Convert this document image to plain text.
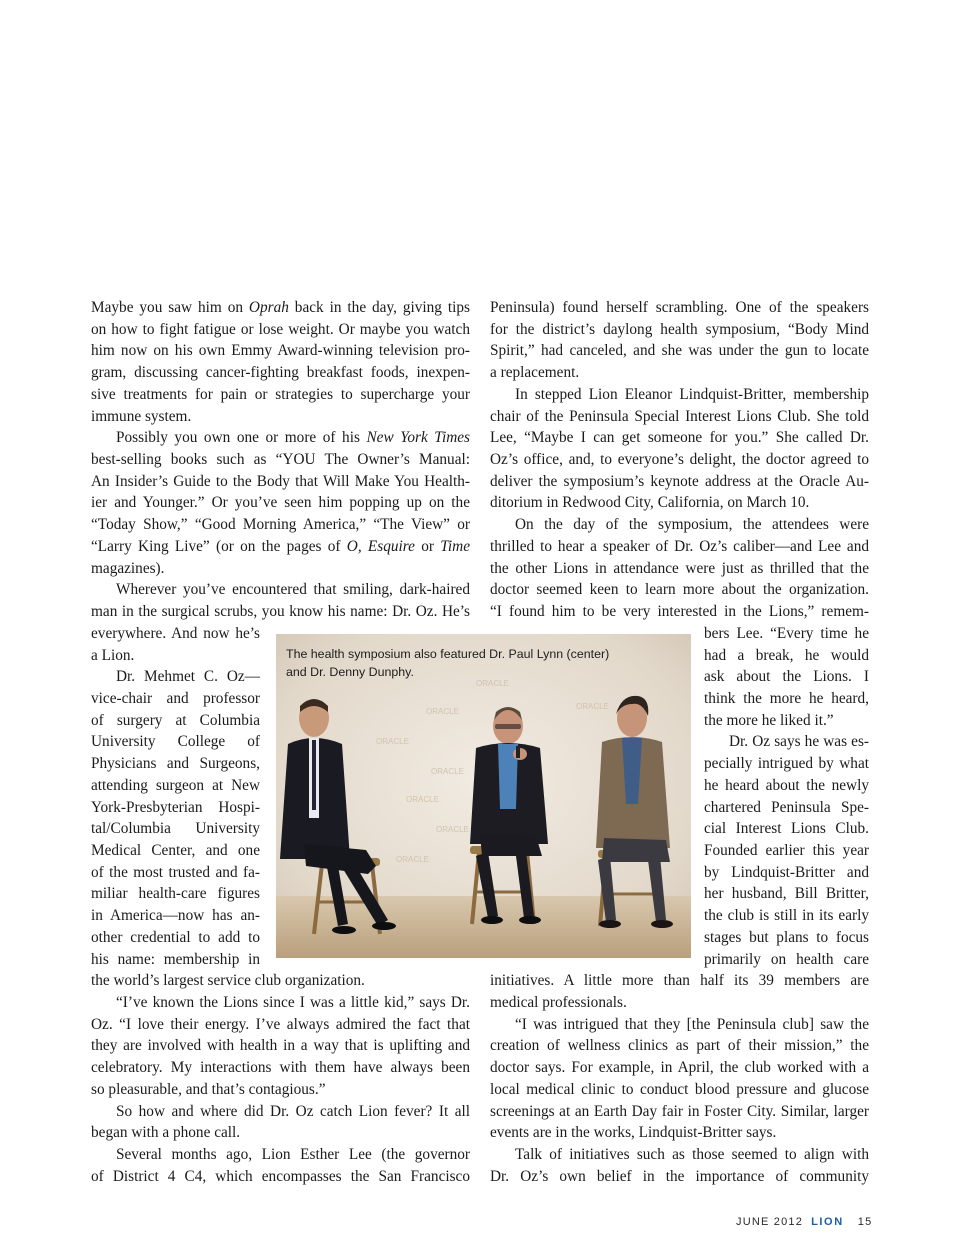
Maybe you saw him on Oprah back in the day, giving tips

on how to fight fatigue or lose weight. Or maybe you watch

him now on his own Emmy Award-winning television pro-

gram, discussing cancer-fighting breakfast foods, inexpen-

sive treatments for pain or strategies to supercharge your

immune system.

Possibly you own one or more of his New York Times

best-selling books such as “YOU The Owner’s Manual:

An Insider’s Guide to the Body that Will Make You Health-

ier and Younger.” Or you’ve seen him popping up on the

“Today Show,” “Good Morning America,” “The View” or

“Larry King Live” (or on the pages of O, Esquire or Time

magazines).

Wherever you’ve encountered that smiling, dark-haired

man in the surgical scrubs, you know his name: Dr. Oz. He’s

everywhere. And now he’s

a Lion.

Dr. Mehmet C. Oz—

vice-chair and professor

of surgery at Columbia

University College of

Physicians and Surgeons,

attending surgeon at New

York-Presbyterian Hospi-

tal/Columbia University

Medical Center, and one

of the most trusted and fa-

miliar health-care figures

in America—now has an-

other credential to add to

his name: membership in

the world’s largest service club organization.

“I’ve known the Lions since I was a little kid,” says Dr.

Oz. “I love their energy. I’ve always admired the fact that

they are involved with health in a way that is uplifting and

celebratory. My interactions with them have always been

so pleasurable, and that’s contagious.”

So how and where did Dr. Oz catch Lion fever? It all

began with a phone call.

Several months ago, Lion Esther Lee (the governor

of District 4 C4, which encompasses the San Francisco

Peninsula) found herself scrambling. One of the speakers

for the district’s daylong health symposium, “Body Mind

Spirit,” had canceled, and she was under the gun to locate

a replacement.

In stepped Lion Eleanor Lindquist-Britter, membership

chair of the Peninsula Special Interest Lions Club. She told

Lee, “Maybe I can get someone for you.” She called Dr.

Oz’s office, and, to everyone’s delight, the doctor agreed to

deliver the symposium’s keynote address at the Oracle Au-

ditorium in Redwood City, California, on March 10.

On the day of the symposium, the attendees were

thrilled to hear a speaker of Dr. Oz’s caliber—and Lee and

the other Lions in attendance were just as thrilled that the

doctor seemed keen to learn more about the organization.

“I found him to be very interested in the Lions,” remem-

bers Lee. “Every time he

had a break, he would

ask about the Lions. I

think the more he heard,

the more he liked it.”

Dr. Oz says he was es-

pecially intrigued by what

he heard about the newly

chartered Peninsula Spe-

cial Interest Lions Club.

Founded earlier this year

by Lindquist-Britter and

her husband, Bill Britter,

the club is still in its early

stages but plans to focus

primarily on health care

initiatives. A little more than half its 39 members are

medical professionals.

“I was intrigued that they [the Peninsula club] saw the

creation of wellness clinics as part of their mission,” the

doctor says. For example, in April, the club worked with a

local medical clinic to conduct blood pressure and glucose

screenings at an Earth Day fair in Foster City. Similar, larger

events are in the works, Lindquist-Britter says.

Talk of initiatives such as those seemed to align with

Dr. Oz’s own belief in the importance of community

ORACLE
ORACLE
ORACLE
ORACLE
ORACLE
ORACLE
ORACLE
ORACLE
The health symposium also featured Dr. Paul Lynn (center)
and Dr. Denny Dunphy.
JUNE 2012 LION 15
